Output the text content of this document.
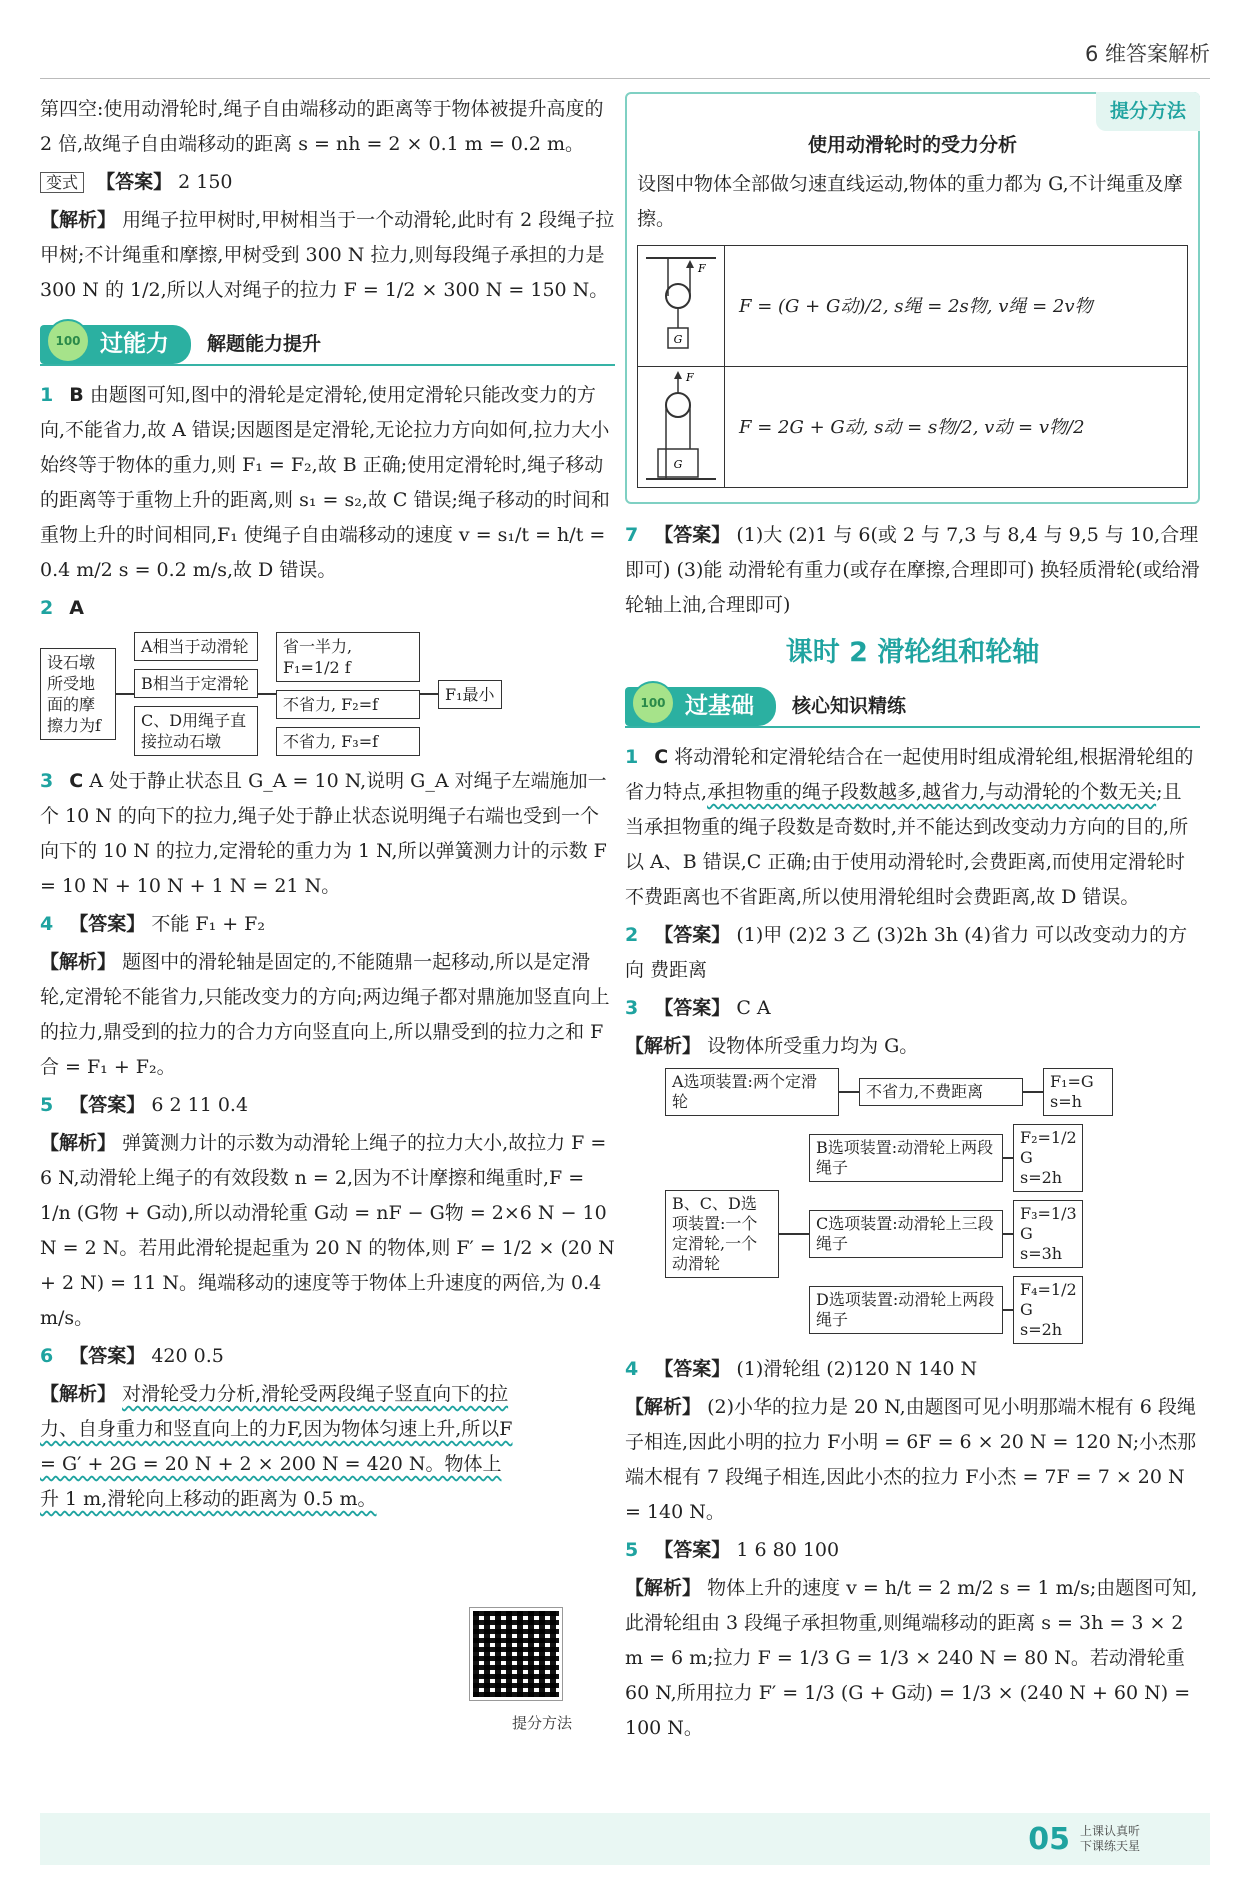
6 维答案解析

第四空:使用动滑轮时,绳子自由端移动的距离等于物体被提升高度的 2 倍,故绳子自由端移动的距离 s = nh = 2 × 0.1 m = 0.2 m。

变式 【答案】 2 150

【解析】 用绳子拉甲树时,甲树相当于一个动滑轮,此时有 2 段绳子拉甲树;不计绳重和摩擦,甲树受到 300 N 拉力,则每段绳子承担的力是 300 N 的 1/2,所以人对绳子的拉力 F = 1/2 × 300 N = 150 N。

100 过能力	解题能力提升

1 B 由题图可知,图中的滑轮是定滑轮,使用定滑轮只能改变力的方向,不能省力,故 A 错误;因题图是定滑轮,无论拉力方向如何,拉力大小始终等于物体的重力,则 F₁ = F₂,故 B 正确;使用定滑轮时,绳子移动的距离等于重物上升的距离,则 s₁ = s₂,故 C 错误;绳子移动的时间和重物上升的时间相同,F₁ 使绳子自由端移动的速度 v = s₁/t = h/t = 0.4 m/2 s = 0.2 m/s,故 D 错误。

2 A

设石墩所受地面的摩擦力为f
A相当于动滑轮
B相当于定滑轮
C、D用绳子直接拉动石墩
省一半力, F₁=1/2 f
不省力, F₂=f
不省力, F₃=f
F₁最小

3 C A 处于静止状态且 G_A = 10 N,说明 G_A 对绳子左端施加一个 10 N 的向下的拉力,绳子处于静止状态说明绳子右端也受到一个向下的 10 N 的拉力,定滑轮的重力为 1 N,所以弹簧测力计的示数 F = 10 N + 10 N + 1 N = 21 N。

4 【答案】 不能 F₁ + F₂

【解析】 题图中的滑轮轴是固定的,不能随鼎一起移动,所以是定滑轮,定滑轮不能省力,只能改变力的方向;两边绳子都对鼎施加竖直向上的拉力,鼎受到的拉力的合力方向竖直向上,所以鼎受到的拉力之和 F合 = F₁ + F₂。

5 【答案】 6 2 11 0.4

【解析】 弹簧测力计的示数为动滑轮上绳子的拉力大小,故拉力 F = 6 N,动滑轮上绳子的有效段数 n = 2,因为不计摩擦和绳重时,F = 1/n (G物 + G动),所以动滑轮重 G动 = nF − G物 = 2×6 N − 10 N = 2 N。若用此滑轮提起重为 20 N 的物体,则 F′ = 1/2 × (20 N + 2 N) = 11 N。绳端移动的速度等于物体上升速度的两倍,为 0.4 m/s。

6 【答案】 420 0.5

【解析】 对滑轮受力分析,滑轮受两段绳子竖直向下的拉力、自身重力和竖直向上的力F,因为物体匀速上升,所以F = G′ + 2G = 20 N + 2 × 200 N = 420 N。物体上升 1 m,滑轮向上移动的距离为 0.5 m。

提分方法
提分方法

使用动滑轮时的受力分析

设图中物体全部做匀速直线运动,物体的重力都为 G,不计绳重及摩擦。

G
F
F = (G + G动)/2, s绳 = 2s物, v绳 = 2v物
G
F
F = 2G + G动, s动 = s物/2, v动 = v物/2

7 【答案】 (1)大 (2)1 与 6(或 2 与 7,3 与 8,4 与 9,5 与 10,合理即可) (3)能 动滑轮有重力(或存在摩擦,合理即可) 换轻质滑轮(或给滑轮轴上油,合理即可)

课时 2 滑轮组和轮轴
100 过基础	核心知识精练

1 C 将动滑轮和定滑轮结合在一起使用时组成滑轮组,根据滑轮组的省力特点,承担物重的绳子段数越多,越省力,与动滑轮的个数无关;且当承担物重的绳子段数是奇数时,并不能达到改变动力方向的目的,所以 A、B 错误,C 正确;由于使用动滑轮时,会费距离,而使用定滑轮时不费距离也不省距离,所以使用滑轮组时会费距离,故 D 错误。

2 【答案】 (1)甲 (2)2 3 乙 (3)2h 3h (4)省力 可以改变动力的方向 费距离

3 【答案】 C A

【解析】 设物体所受重力均为 G。

A选项装置:两个定滑轮
不省力,不费距离
F₁=G s=h
B、C、D选项装置:一个定滑轮,一个动滑轮
B选项装置:动滑轮上两段绳子
F₂=1/2 G s=2h
C选项装置:动滑轮上三段绳子
F₃=1/3 G s=3h
D选项装置:动滑轮上两段绳子
F₄=1/2 G s=2h

4 【答案】 (1)滑轮组 (2)120 N 140 N

【解析】 (2)小华的拉力是 20 N,由题图可见小明那端木棍有 6 段绳子相连,因此小明的拉力 F小明 = 6F = 6 × 20 N = 120 N;小杰那端木棍有 7 段绳子相连,因此小杰的拉力 F小杰 = 7F = 7 × 20 N = 140 N。

5 【答案】 1 6 80 100

【解析】 物体上升的速度 v = h/t = 2 m/2 s = 1 m/s;由题图可知,此滑轮组由 3 段绳子承担物重,则绳端移动的距离 s = 3h = 3 × 2 m = 6 m;拉力 F = 1/3 G = 1/3 × 240 N = 80 N。若动滑轮重 60 N,所用拉力 F′ = 1/3 (G + G动) = 1/3 × (240 N + 60 N) = 100 N。

05 上课认真听
下课练天星
